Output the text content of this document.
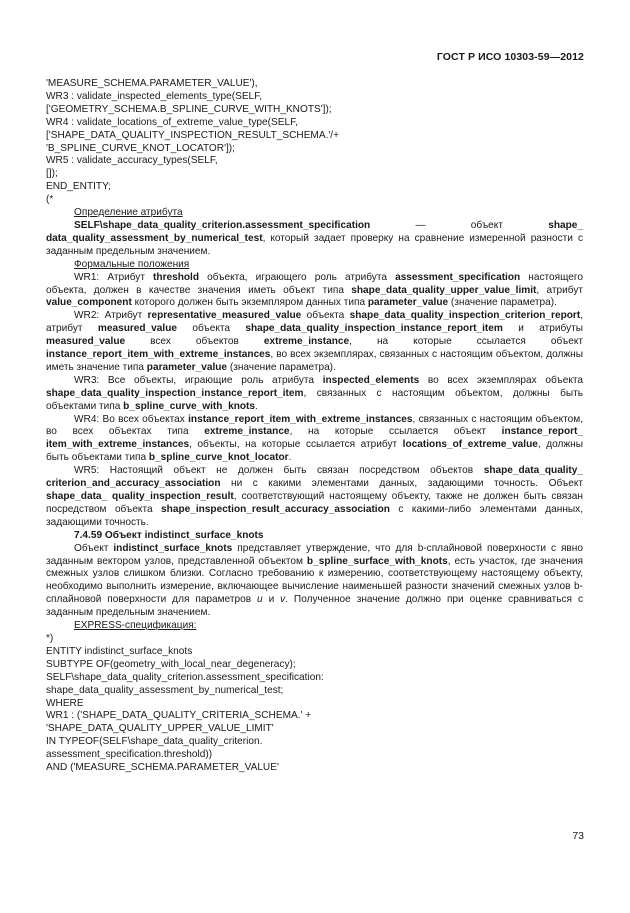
ГОСТ Р ИСО 10303-59—2012
'MEASURE_SCHEMA.PARAMETER_VALUE'),
WR3 : validate_inspected_elements_type(SELF,
['GEOMETRY_SCHEMA.B_SPLINE_CURVE_WITH_KNOTS']);
WR4 : validate_locations_of_extreme_value_type(SELF,
['SHAPE_DATA_QUALITY_INSPECTION_RESULT_SCHEMA.'/+
'B_SPLINE_CURVE_KNOT_LOCATOR']);
WR5 : validate_accuracy_types(SELF,
[]);
END_ENTITY;
(*
Определение атрибута

SELF\shape_data_quality_criterion.assessment_specification — объект shape_ data_quality_assessment_by_numerical_test, который задает проверку на сравнение измеренной разности с заданным предельным значением.

Формальные положения

WR1: Атрибут threshold объекта, играющего роль атрибута assessment_specification настоящего объекта, должен в качестве значения иметь объект типа shape_data_quality_upper_value_limit, атрибут value_component которого должен быть экземпляром данных типа parameter_value (значение параметра).

WR2: Атрибут representative_measured_value объекта shape_data_quality_inspection_criterion_report, атрибут measured_value объекта shape_data_quality_inspection_instance_report_item и атрибуты measured_value всех объектов extreme_instance, на которые ссылается объект instance_report_item_with_extreme_instances, во всех экземплярах, связанных с настоящим объектом, должны иметь значение типа parameter_value (значение параметра).

WR3: Все объекты, играющие роль атрибута inspected_elements во всех экземплярах объекта shape_data_quality_inspection_instance_report_item, связанных с настоящим объектом, должны быть объектами типа b_spline_curve_with_knots.

WR4: Во всех объектах instance_report_item_with_extreme_instances, связанных с настоящим объектом, во всех объектах типа extreme_instance, на которые ссылается объект instance_report_ item_with_extreme_instances, объекты, на которые ссылается атрибут locations_of_extreme_value, должны быть объектами типа b_spline_curve_knot_locator.

WR5: Настоящий объект не должен быть связан посредством объектов shape_data_quality_ criterion_and_accuracy_association ни с какими элементами данных, задающими точность. Объект shape_data_ quality_inspection_result, соответствующий настоящему объекту, также не должен быть связан посредством объекта shape_inspection_result_accuracy_association с какими-либо элементами данных, задающими точность.

7.4.59 Объект indistinct_surface_knots

Объект indistinct_surface_knots представляет утверждение, что для b-сплайновой поверхности с явно заданным вектором узлов, представленной объектом b_spline_surface_with_knots, есть участок, где значения смежных узлов слишком близки. Согласно требованию к измерению, соответствующему настоящему объекту, необходимо выполнить измерение, включающее вычисление наименьшей разности значений смежных узлов b-сплайновой поверхности для параметров u и v. Полученное значение должно при оценке сравниваться с заданным предельным значением.

EXPRESS-спецификация:
*)
ENTITY indistinct_surface_knots
SUBTYPE OF(geometry_with_local_near_degeneracy);
SELF\shape_data_quality_criterion.assessment_specification:
shape_data_quality_assessment_by_numerical_test;
WHERE
WR1 : ('SHAPE_DATA_QUALITY_CRITERIA_SCHEMA.' +
'SHAPE_DATA_QUALITY_UPPER_VALUE_LIMIT'
IN TYPEOF(SELF\shape_data_quality_criterion.
assessment_specification.threshold))
AND ('MEASURE_SCHEMA.PARAMETER_VALUE'
73
